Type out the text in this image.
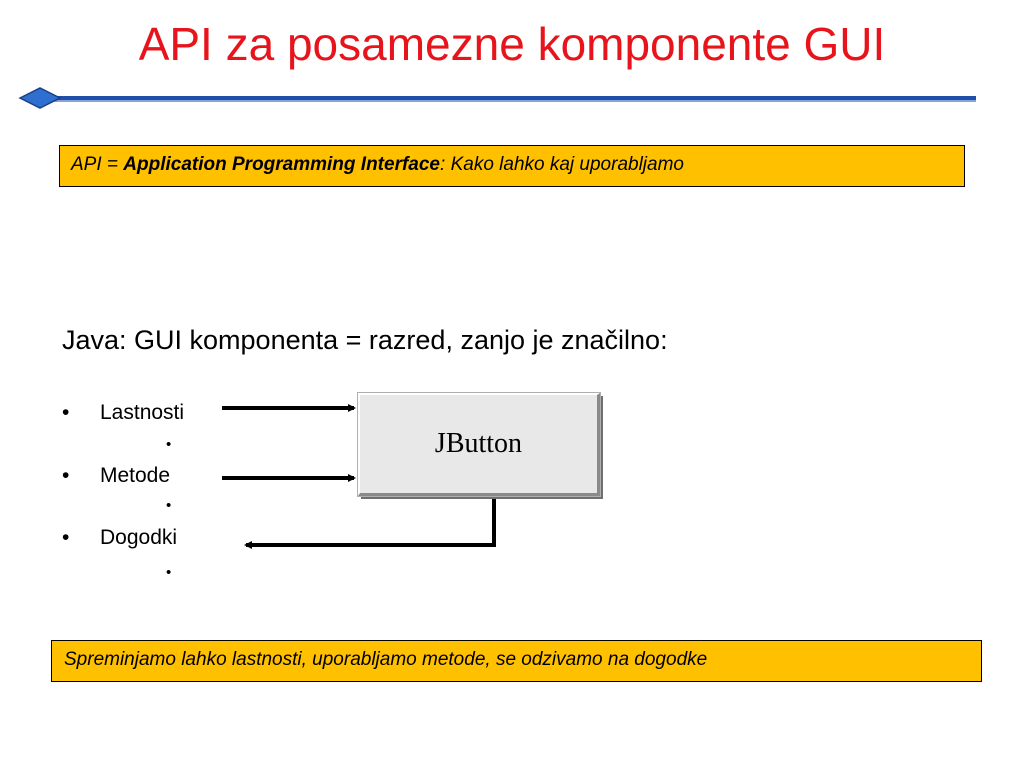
API za posamezne komponente GUI
API = Application Programming Interface: Kako lahko kaj uporabljamo
Java: GUI komponenta = razred, zanjo je značilno:
• Lastnosti
•
• Metode
•
• Dogodki
•
JButton
Spreminjamo lahko lastnosti, uporabljamo metode, se odzivamo na dogodke
